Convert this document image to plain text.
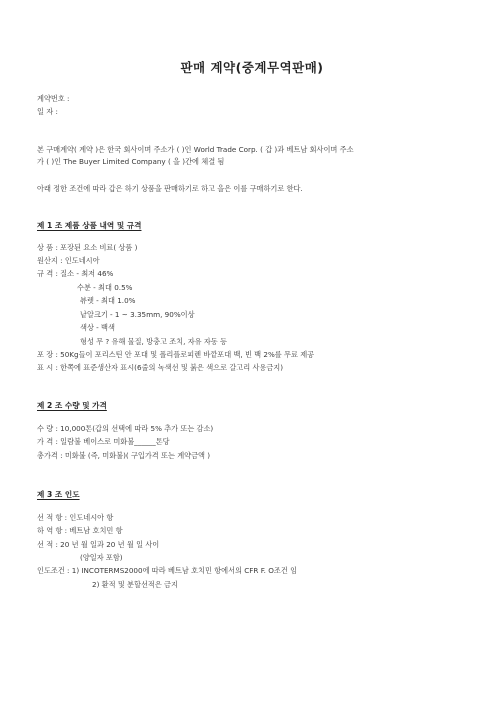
판매 계약(중계무역판매)
계약번호 :
일 자 :
본 구매계약( 계약 )은 한국 회사이며 주소가 ( )인 World Trade Corp. ( 갑 )과 베트남 회사이며 주소
가 ( )인 The Buyer Limited Company ( 을 )간에 체결 됨
아래 정한 조건에 따라 갑은 하기 상품을 판매하기로 하고 을은 이를 구매하기로 한다.
제 1 조 제품 상품 내역 및 규격
상 품 : 포장된 요소 비료( 상품 )
원산지 : 인도네시아
규 격 : 질소 - 최저 46%
수분 - 최대 0.5%
뷰렛 - 최대 1.0%
낱알크기 - 1 ~ 3.35mm, 90%이상
색상 - 백색
형성 무 ? 유해 물질, 방충고 조치, 자유 자동 등
포 장 : 50Kg들이 포리스틴 안 포대 및 폴리플로피렌 바깥포대 백, 빈 백 2%를 무료 제공
표 시 : 한쪽에 표준생산자 표시(6줄의 녹색선 및 붉은 색으로 갈고리 사용금지)
제 2 조 수량 및 가격
수 량 : 10,000톤(갑의 선택에 따라 5% 추가 또는 감소)
가 격 : 일람불 베이스로 미화불______톤당
총가격 : 미화불 (즉, 미화불)( 구입가격 또는 계약금액 )
제 3 조 인도
선 적 항 : 인도네시아 항
하 역 항 : 베트남 호치민 항
선 적 : 20 년 월 일과 20 년 월 일 사이
(양일자 포함)
인도조건 : 1) INCOTERMS2000에 따라 베트남 호치민 항에서의 CFR F. O조건 임
2) 환적 및 분할선적은 금지
